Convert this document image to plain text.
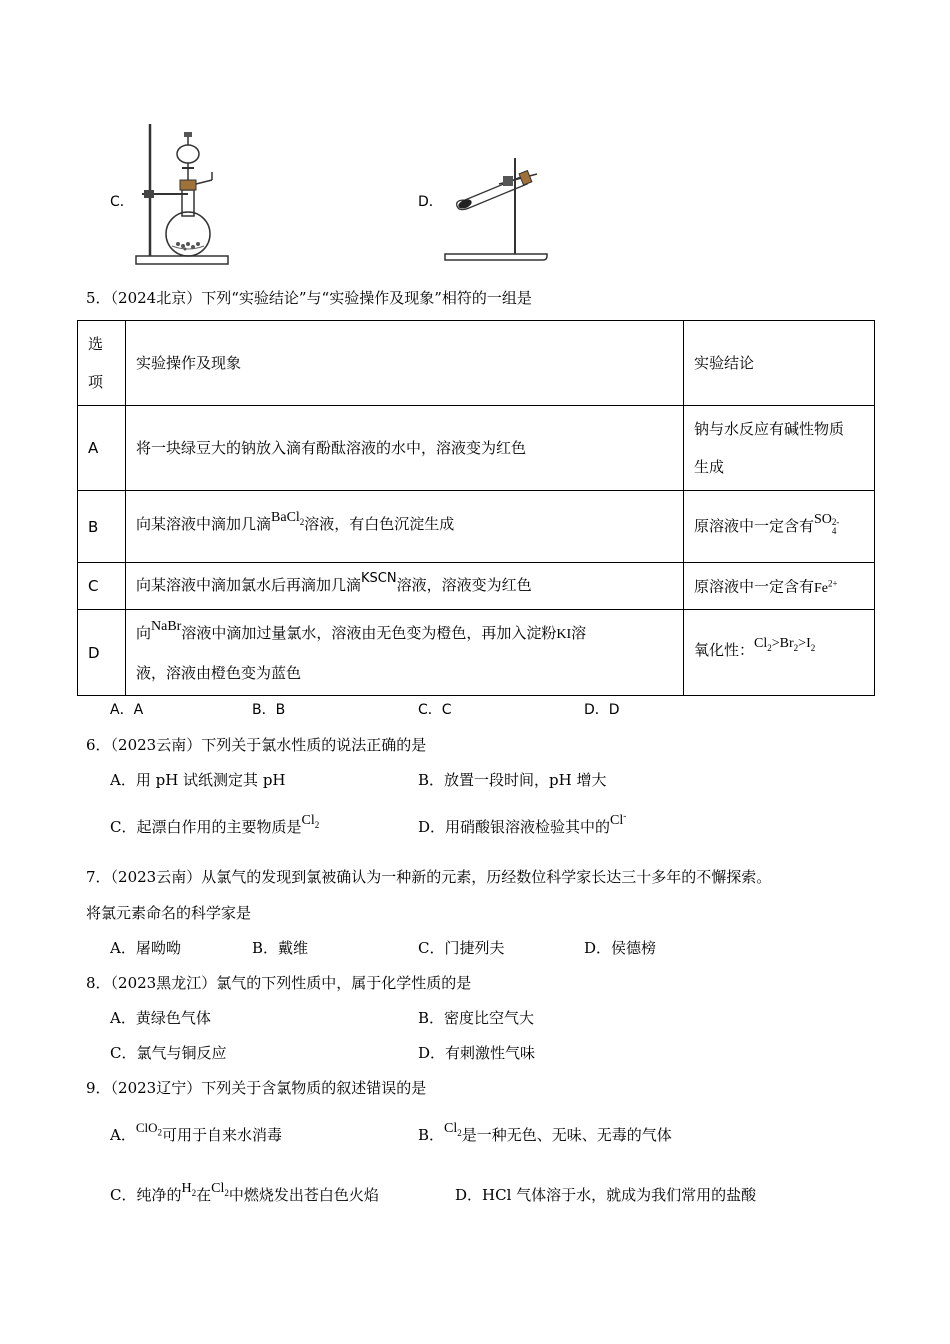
C．	D．
5．（2024北京）下列“实验结论”与“实验操作及现象”相符的一组是
选
项	实验操作及现象	实验结论
A	将一块绿豆大的钠放入滴有酚酞溶液的水中，溶液变为红色	钠与水反应有碱性物质
生成
B	向某溶液中滴加几滴BaCl$_2$溶液，有白色沉淀生成	原溶液中一定含有SO 2-
4

C	向某溶液中滴加氯水后再滴加几滴KSCN溶液，溶液变为红色	原溶液中一定含有$Fe^{2+}$
D	向NaBr溶液中滴加过量氯水，溶液由无色变为橙色，再加入淀粉KI溶
液，溶液由橙色变为蓝色	氧化性：$Cl_2>Br_2>I_2$
A．A	B．B	C．C	D．D
6．（2023云南）下列关于氯水性质的说法正确的是
A．用 pH 试纸测定其 pH	B．放置一段时间，pH 增大
C．起漂白作用的主要物质是$Cl_2$	D．用硝酸银溶液检验其中的Cl-
7．（2023云南）从氯气的发现到氯被确认为一种新的元素，历经数位科学家长达三十多年的不懈探索。
将氯元素命名的科学家是
A．屠呦呦	B．戴维	C．门捷列夫	D．侯德榜
8．（2023黑龙江）氯气的下列性质中，属于化学性质的是
A．黄绿色气体	B．密度比空气大
C．氯气与铜反应	D．有刺激性气味
9．（2023辽宁）下列关于含氯物质的叙述错误的是
A．ClO$_2$可用于自来水消毒	B．$Cl_2$是一种无色、无味、无毒的气体
C．纯净的$H_2$在$Cl_2$中燃烧发出苍白色火焰	D．HCl 气体溶于水，就成为我们常用的盐酸
